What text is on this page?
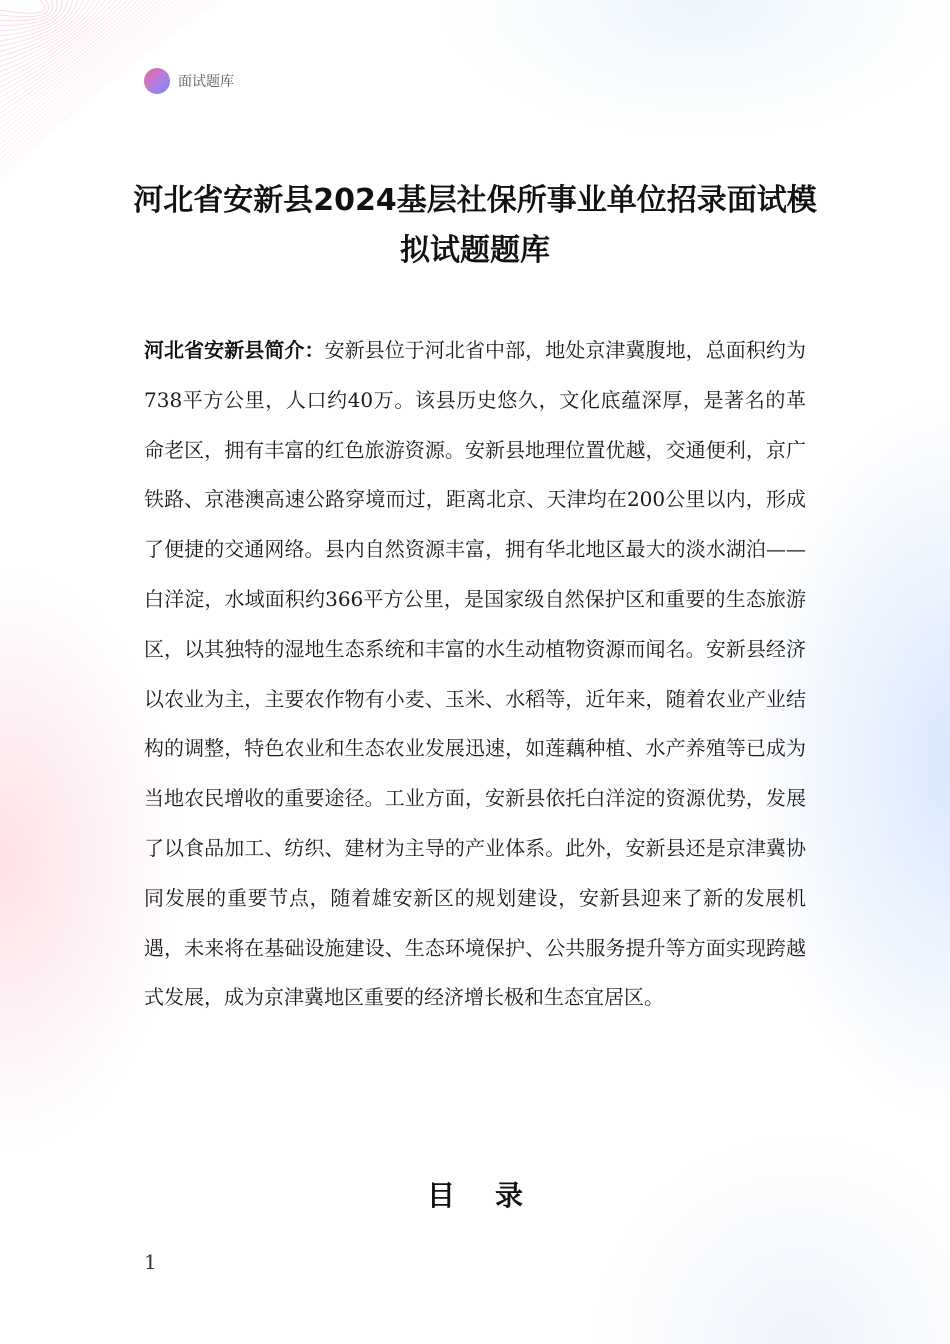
面试题库
河北省安新县2024基层社保所事业单位招录面试模拟试题题库

河北省安新县简介：安新县位于河北省中部，地处京津冀腹地，总面积约为738平方公里，人口约40万。该县历史悠久，文化底蕴深厚，是著名的革命老区，拥有丰富的红色旅游资源。安新县地理位置优越，交通便利，京广铁路、京港澳高速公路穿境而过，距离北京、天津均在200公里以内，形成了便捷的交通网络。县内自然资源丰富，拥有华北地区最大的淡水湖泊——白洋淀，水域面积约366平方公里，是国家级自然保护区和重要的生态旅游区，以其独特的湿地生态系统和丰富的水生动植物资源而闻名。安新县经济以农业为主，主要农作物有小麦、玉米、水稻等，近年来，随着农业产业结构的调整，特色农业和生态农业发展迅速，如莲藕种植、水产养殖等已成为当地农民增收的重要途径。工业方面，安新县依托白洋淀的资源优势，发展了以食品加工、纺织、建材为主导的产业体系。此外，安新县还是京津冀协同发展的重要节点，随着雄安新区的规划建设，安新县迎来了新的发展机遇，未来将在基础设施建设、生态环境保护、公共服务提升等方面实现跨越式发展，成为京津冀地区重要的经济增长极和生态宜居区。

目录
1
